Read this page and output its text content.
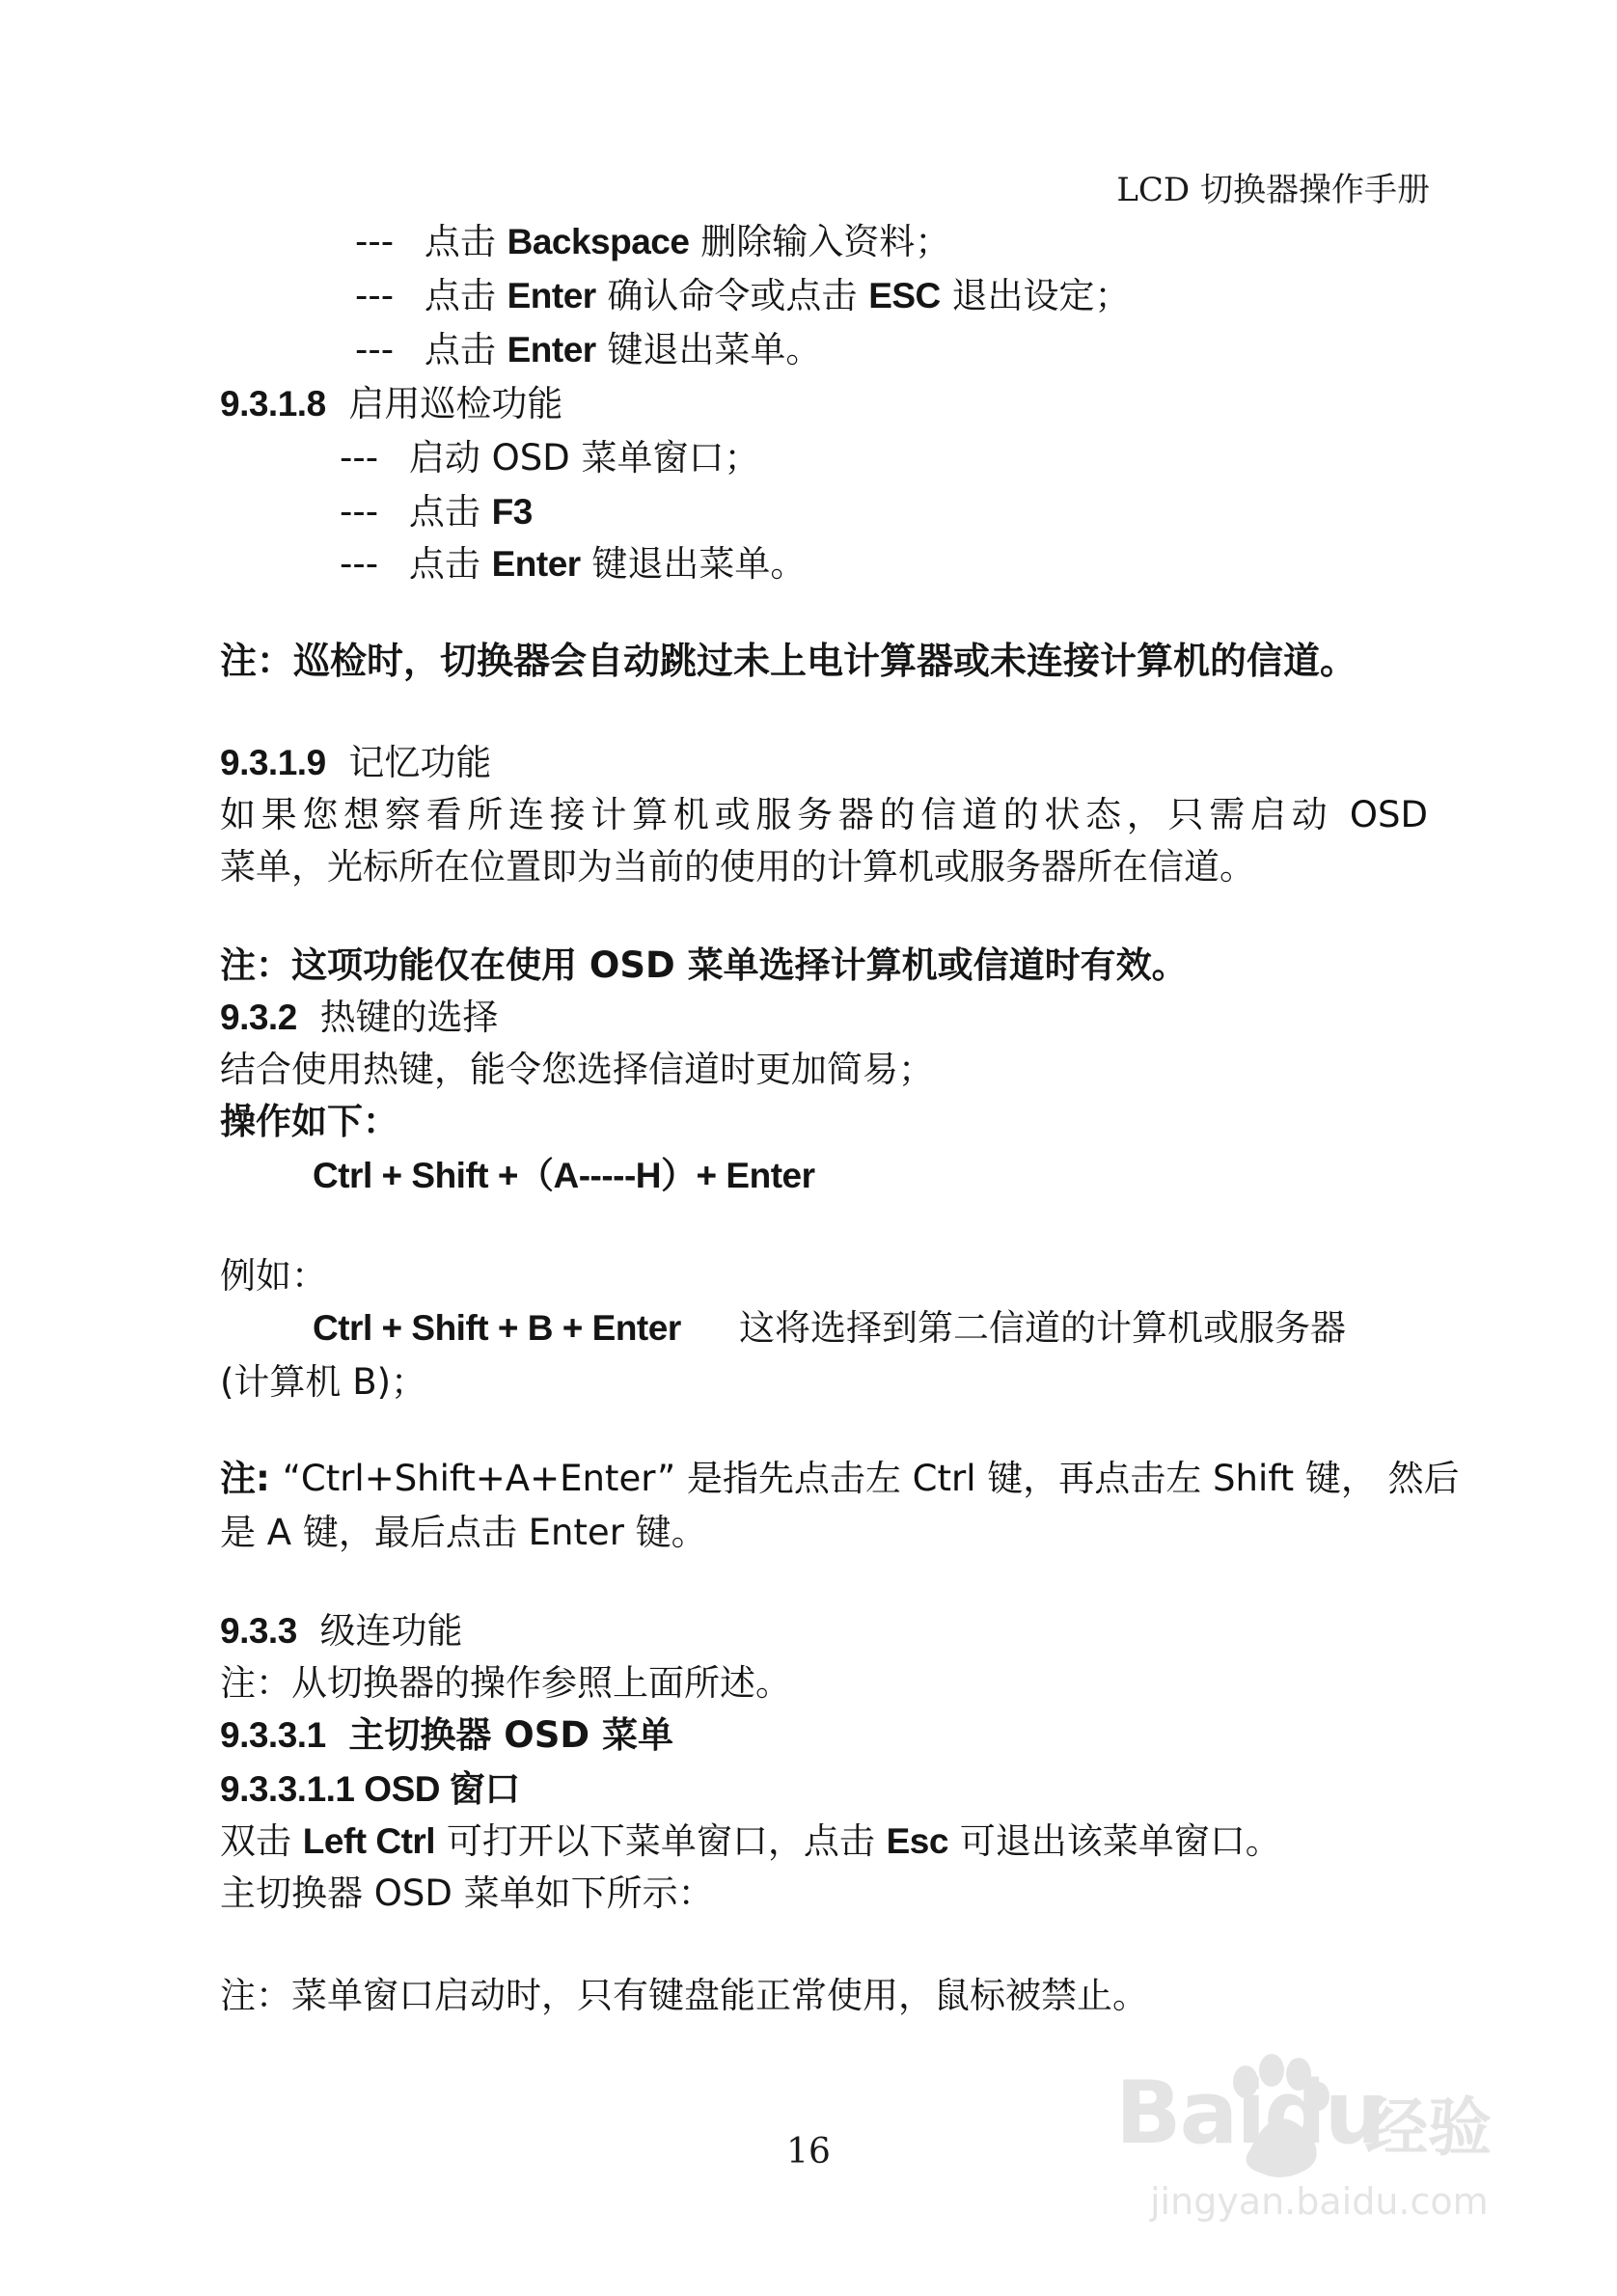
LCD 切换器操作手册
--- 点击 Backspace 删除输入资料；
--- 点击 Enter 确认命令或点击 ESC 退出设定；
--- 点击 Enter 键退出菜单。
9.3.1.8 启用巡检功能
--- 启动 OSD 菜单窗口；
--- 点击 F3
--- 点击 Enter 键退出菜单。
注：巡检时，切换器会自动跳过未上电计算器或未连接计算机的信道。
9.3.1.9 记忆功能
如果您想察看所连接计算机或服务器的信道的状态，只需启动 OSD
菜单，光标所在位置即为当前的使用的计算机或服务器所在信道。
注：这项功能仅在使用 OSD 菜单选择计算机或信道时有效。
9.3.2 热键的选择
结合使用热键，能令您选择信道时更加简易；
操作如下：
Ctrl + Shift +（A-----H）+ Enter
例如：
Ctrl + Shift + B + Enter 这将选择到第二信道的计算机或服务器
(计算机 B)；
注: “Ctrl+Shift+A+Enter” 是指先点击左 Ctrl 键，再点击左 Shift 键， 然后
是 A 键，最后点击 Enter 键。
9.3.3 级连功能
注：从切换器的操作参照上面所述。
9.3.3.1 主切换器 OSD 菜单
9.3.3.1.1 OSD 窗口
双击 Left Ctrl 可打开以下菜单窗口，点击 Esc 可退出该菜单窗口。
主切换器 OSD 菜单如下所示：
注：菜单窗口启动时，只有键盘能正常使用，鼠标被禁止。
16	Baidu
经验
jingyan.baidu.com
